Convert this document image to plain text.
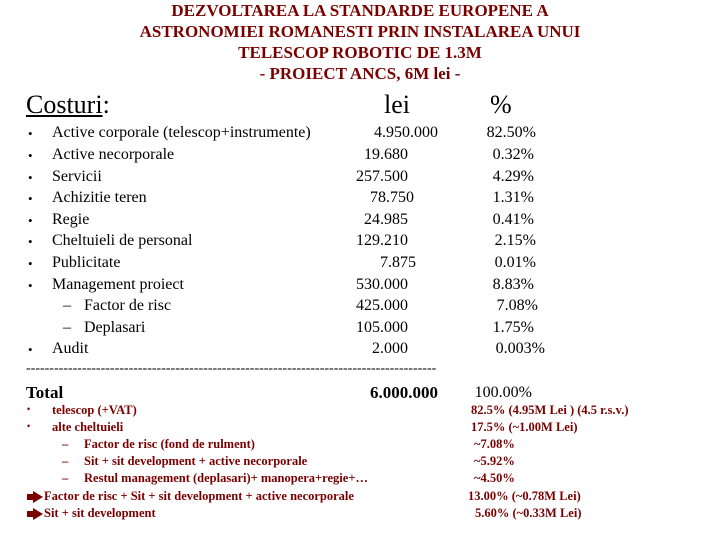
DEZVOLTAREA LA STANDARDE EUROPENE A
ASTRONOMIEI ROMANESTI PRIN INSTALAREA UNUI
TELESCOP ROBOTIC DE 1.3M
- PROIECT ANCS, 6M lei -
Costuri:	lei	%
• Active corporale (telescop+instrumente)	4.950.000	82.50%
• Active necorporale	19.680	0.32%
• Servicii	257.500	4.29%
• Achizitie teren	78.750	1.31%
• Regie	24.985	0.41%
• Cheltuieli de personal	129.210	2.15%
• Publicitate	7.875	0.01%
• Management proiect	530.000	8.83%
– Factor de risc	425.000	7.08%
– Deplasari	105.000	1.75%
• Audit	2.000	0.003%
----------------------------------------------------------------------------------------
Total	6.000.000 100.00%
• telescop (+VAT)	82.5% (4.95M Lei ) (4.5 r.s.v.)
• alte cheltuieli	17.5% (~1.00M Lei)
– Factor de risc (fond de rulment)	~7.08%
– Sit + sit development + active necorporale	~5.92%
– Restul management (deplasari)+ manopera+regie+…	~4.50%
Factor de risc + Sit + sit development + active necorporale	13.00% (~0.78M Lei)
Sit + sit development	5.60% (~0.33M Lei)
